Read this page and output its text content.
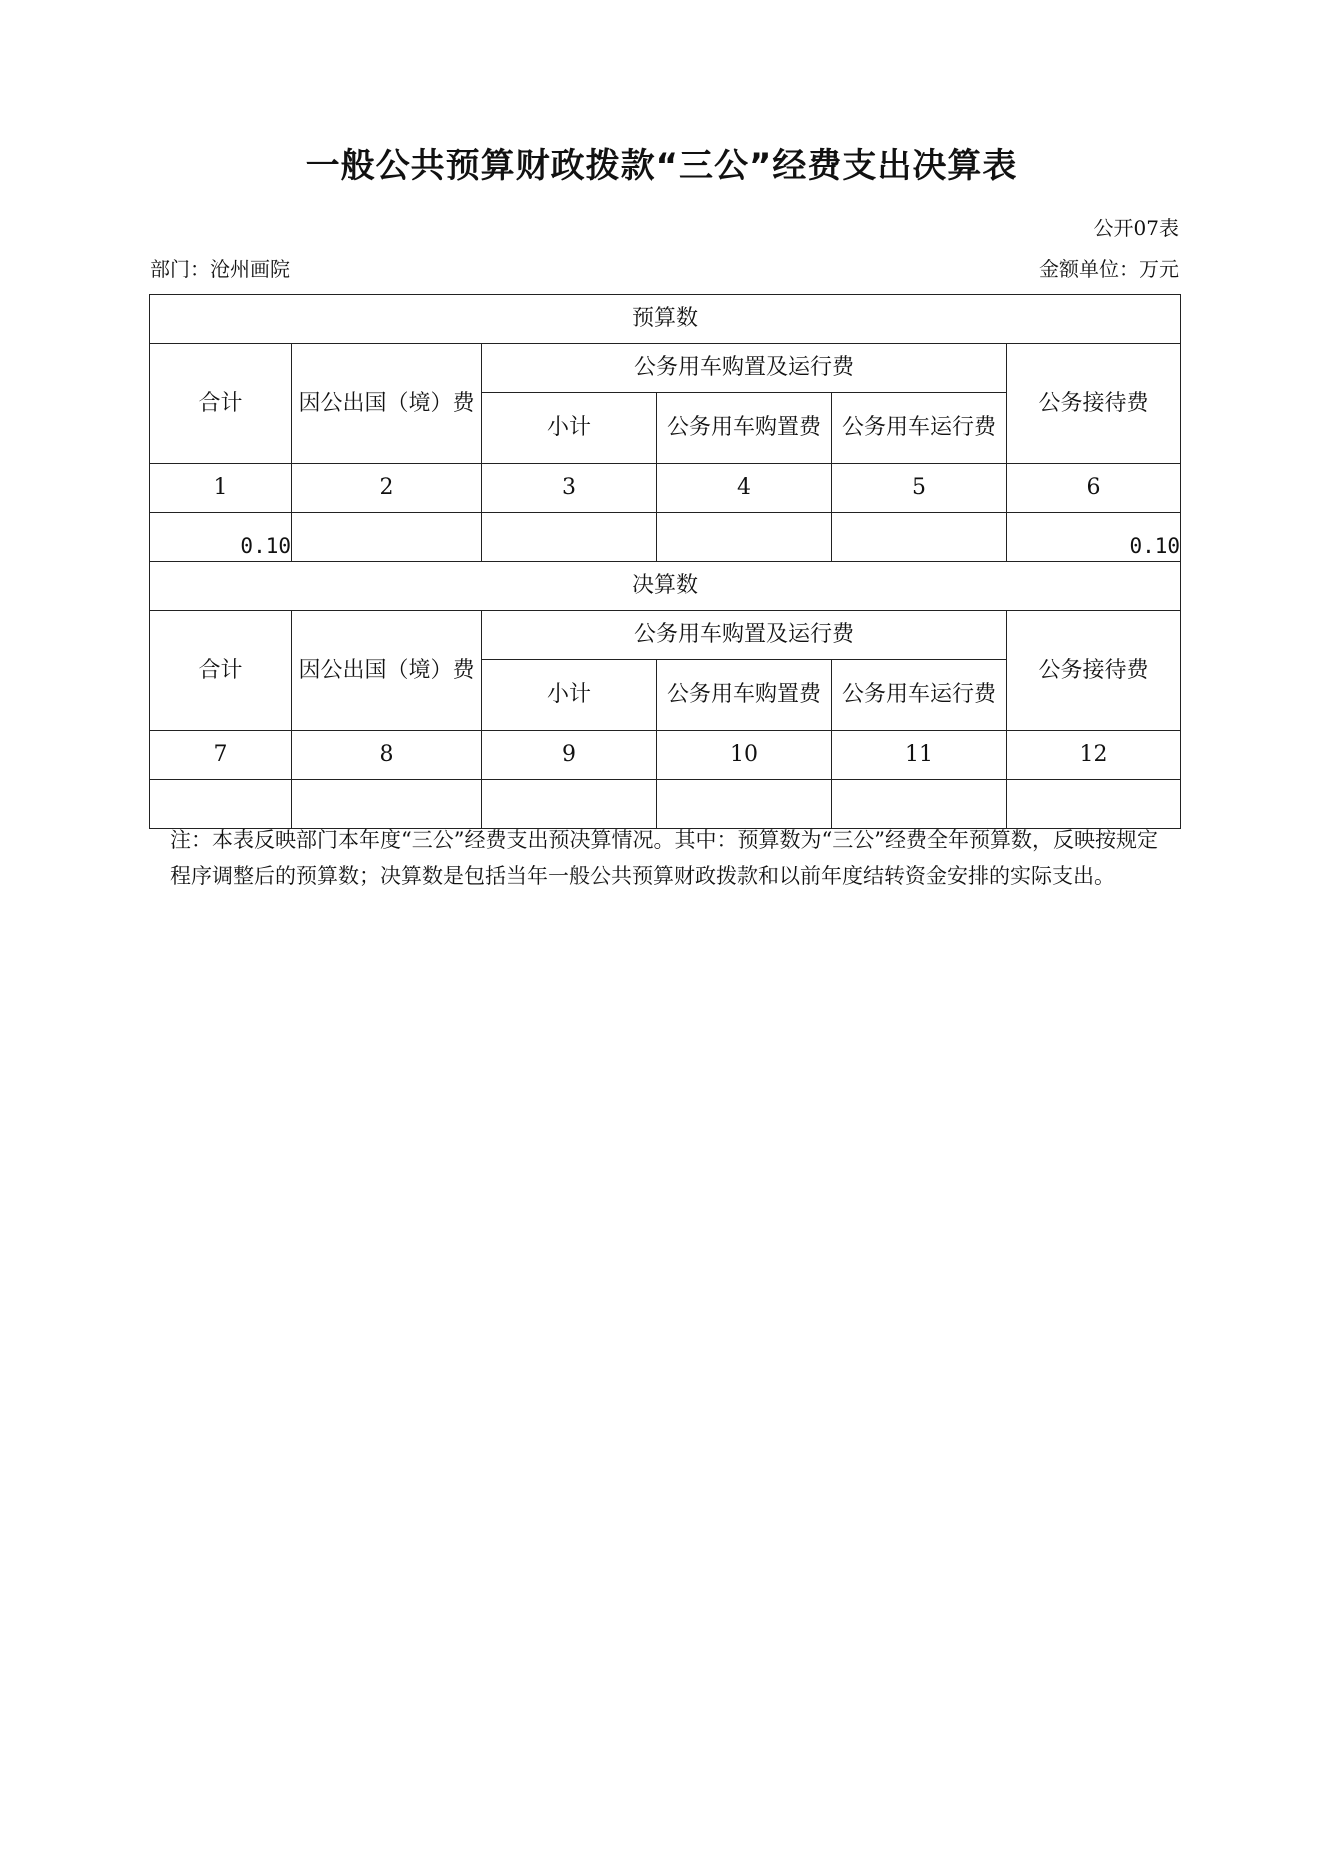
一般公共预算财政拨款“三公”经费支出决算表
公开07表
部门：沧州画院	金额单位：万元
预算数					
合计	因公出国（境）费	公务用车购置及运行费			公务接待费
		小计	公务用车购置费	公务用车运行费	
1	2	3	4	5	6
0.10					0.10
决算数					
合计	因公出国（境）费	公务用车购置及运行费			公务接待费
		小计	公务用车购置费	公务用车运行费	
7	8	9	10	11	12

注：本表反映部门本年度“三公”经费支出预决算情况。其中：预算数为“三公”经费全年预算数，反映按规定程序调整后的预算数；决算数是包括当年一般公共预算财政拨款和以前年度结转资金安排的实际支出。
